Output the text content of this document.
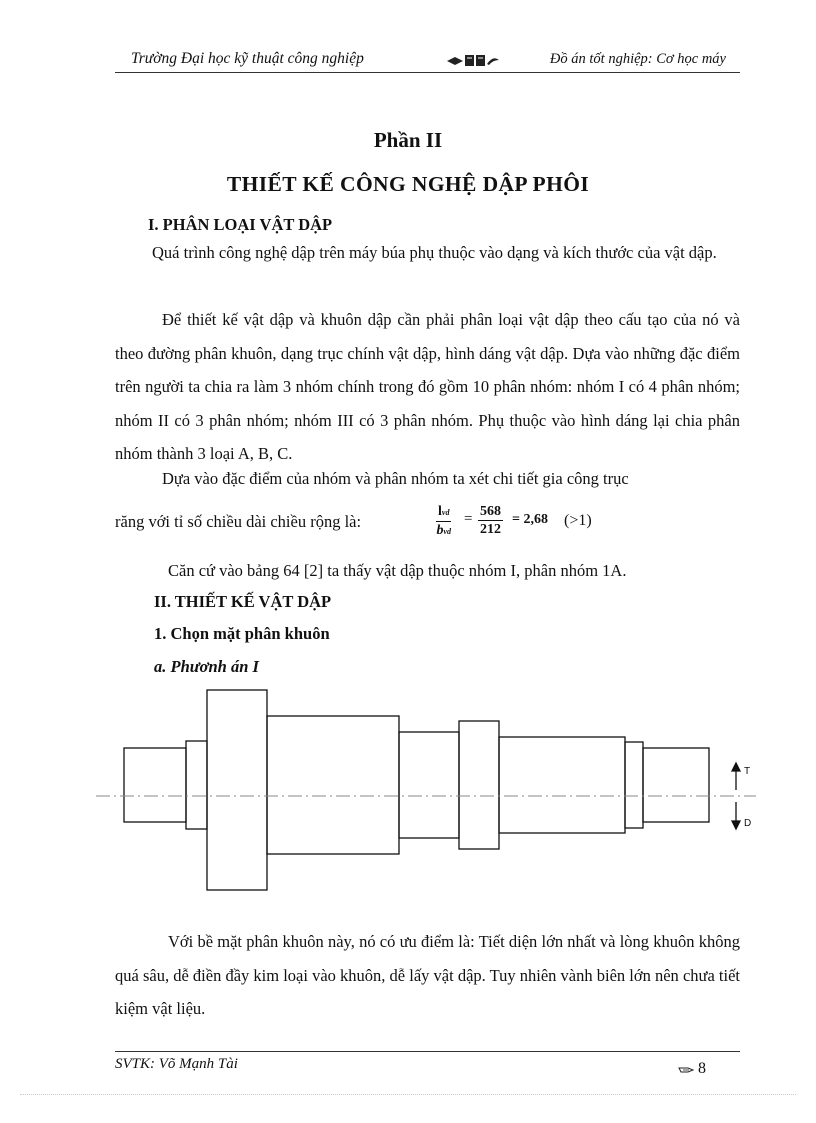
Trường Đại học kỹ thuật công nghiệp	Đồ án tốt nghiệp: Cơ học máy
Phần II
THIẾT KẾ CÔNG NGHỆ DẬP PHÔI
I. PHÂN LOẠI VẬT DẬP

Quá trình công nghệ dập trên máy búa phụ thuộc vào dạng và kích thước của vật dập.

Để thiết kế vật dập và khuôn dập cần phải phân loại vật dập theo cấu tạo của nó và theo đường phân khuôn, dạng trục chính vật dập, hình dáng vật dập. Dựa vào những đặc điểm trên người ta chia ra làm 3 nhóm chính trong đó gồm 10 phân nhóm: nhóm I có 4 phân nhóm; nhóm II có 3 phân nhóm; nhóm III có 3 phân nhóm. Phụ thuộc vào hình dáng lại chia phân nhóm thành 3 loại A, B, C.

Dựa vào đặc điểm của nhóm và phân nhóm ta xét chi tiết gia công trục

răng với tỉ số chiều dài chiều rộng là:

lvd
bvd
= $\frac{568}{212} = 2,68$ (>1)

Căn cứ vào bảng 64 [2] ta thấy vật dập thuộc nhóm I, phân nhóm 1A.

II. THIẾT KẾ VẬT DẬP
1. Chọn mặt phân khuôn
a. Phươnh án I
T
D

Với bề mặt phân khuôn này, nó có ưu điểm là: Tiết diện lớn nhất và lòng khuôn không quá sâu, dễ điền đầy kim loại vào khuôn, dễ lấy vật dập. Tuy nhiên vành biên lớn nên chưa tiết kiệm vật liệu.

SVTK: Võ Mạnh Tài	8
